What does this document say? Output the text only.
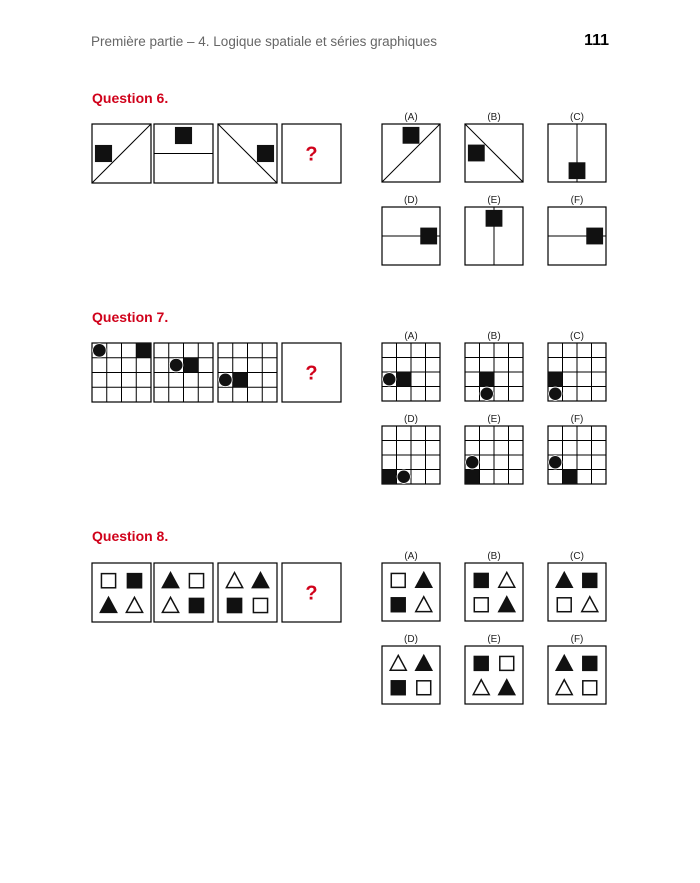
Première partie – 4. Logique spatiale et séries graphiques	111
Question 6.
Question 7.
Question 8.
?
(A)	(B)	(C)
(D)	(E)	(F)
?
(A)	(B)	(C)
(D)	(E)	(F)
?
(A)	(B)	(C)
(D)	(E)	(F)
